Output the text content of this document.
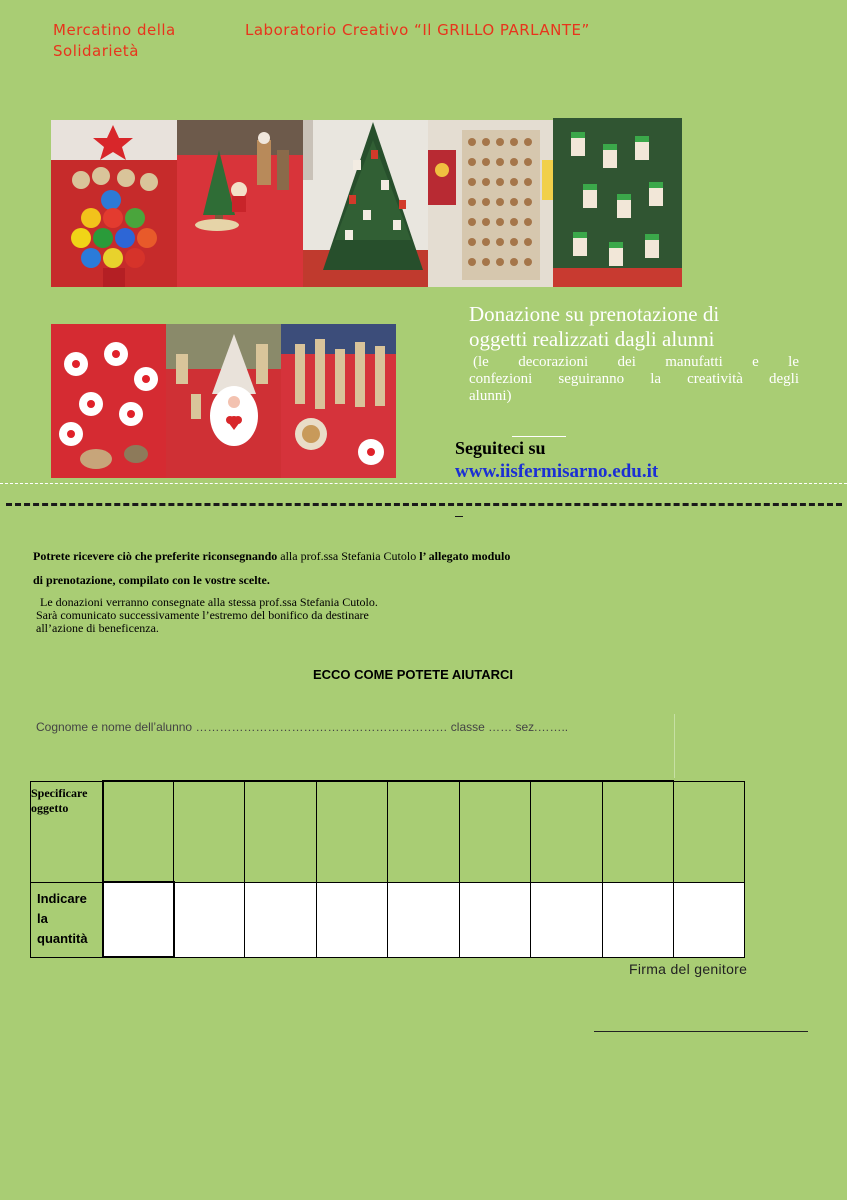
Mercatino della
Solidarietà
Laboratorio Creativo “Il GRILLO PARLANTE”
Donazione su prenotazione di
oggetti realizzati dagli alunni
(le decorazioni dei manufatti e le
confezioni seguiranno la creatività degli
alunni)
Seguiteci su
www.iisfermisarno.edu.it
Potrete ricevere ciò che preferite riconsegnando alla prof.ssa Stefania Cutolo l’ allegato modulo
di prenotazione, compilato con le vostre scelte.
Le donazioni verranno consegnate alla stessa prof.ssa Stefania Cutolo.
Sarà comunicato successivamente l’estremo del bonifico da destinare
all’azione di beneficenza.
ECCO COME POTETE AIUTARCI
Cognome e nome dell’alunno ……………………………………………………… classe …… sez.……..
Specificare
oggetto									

Indicare
la
quantità									

Firma del genitore
